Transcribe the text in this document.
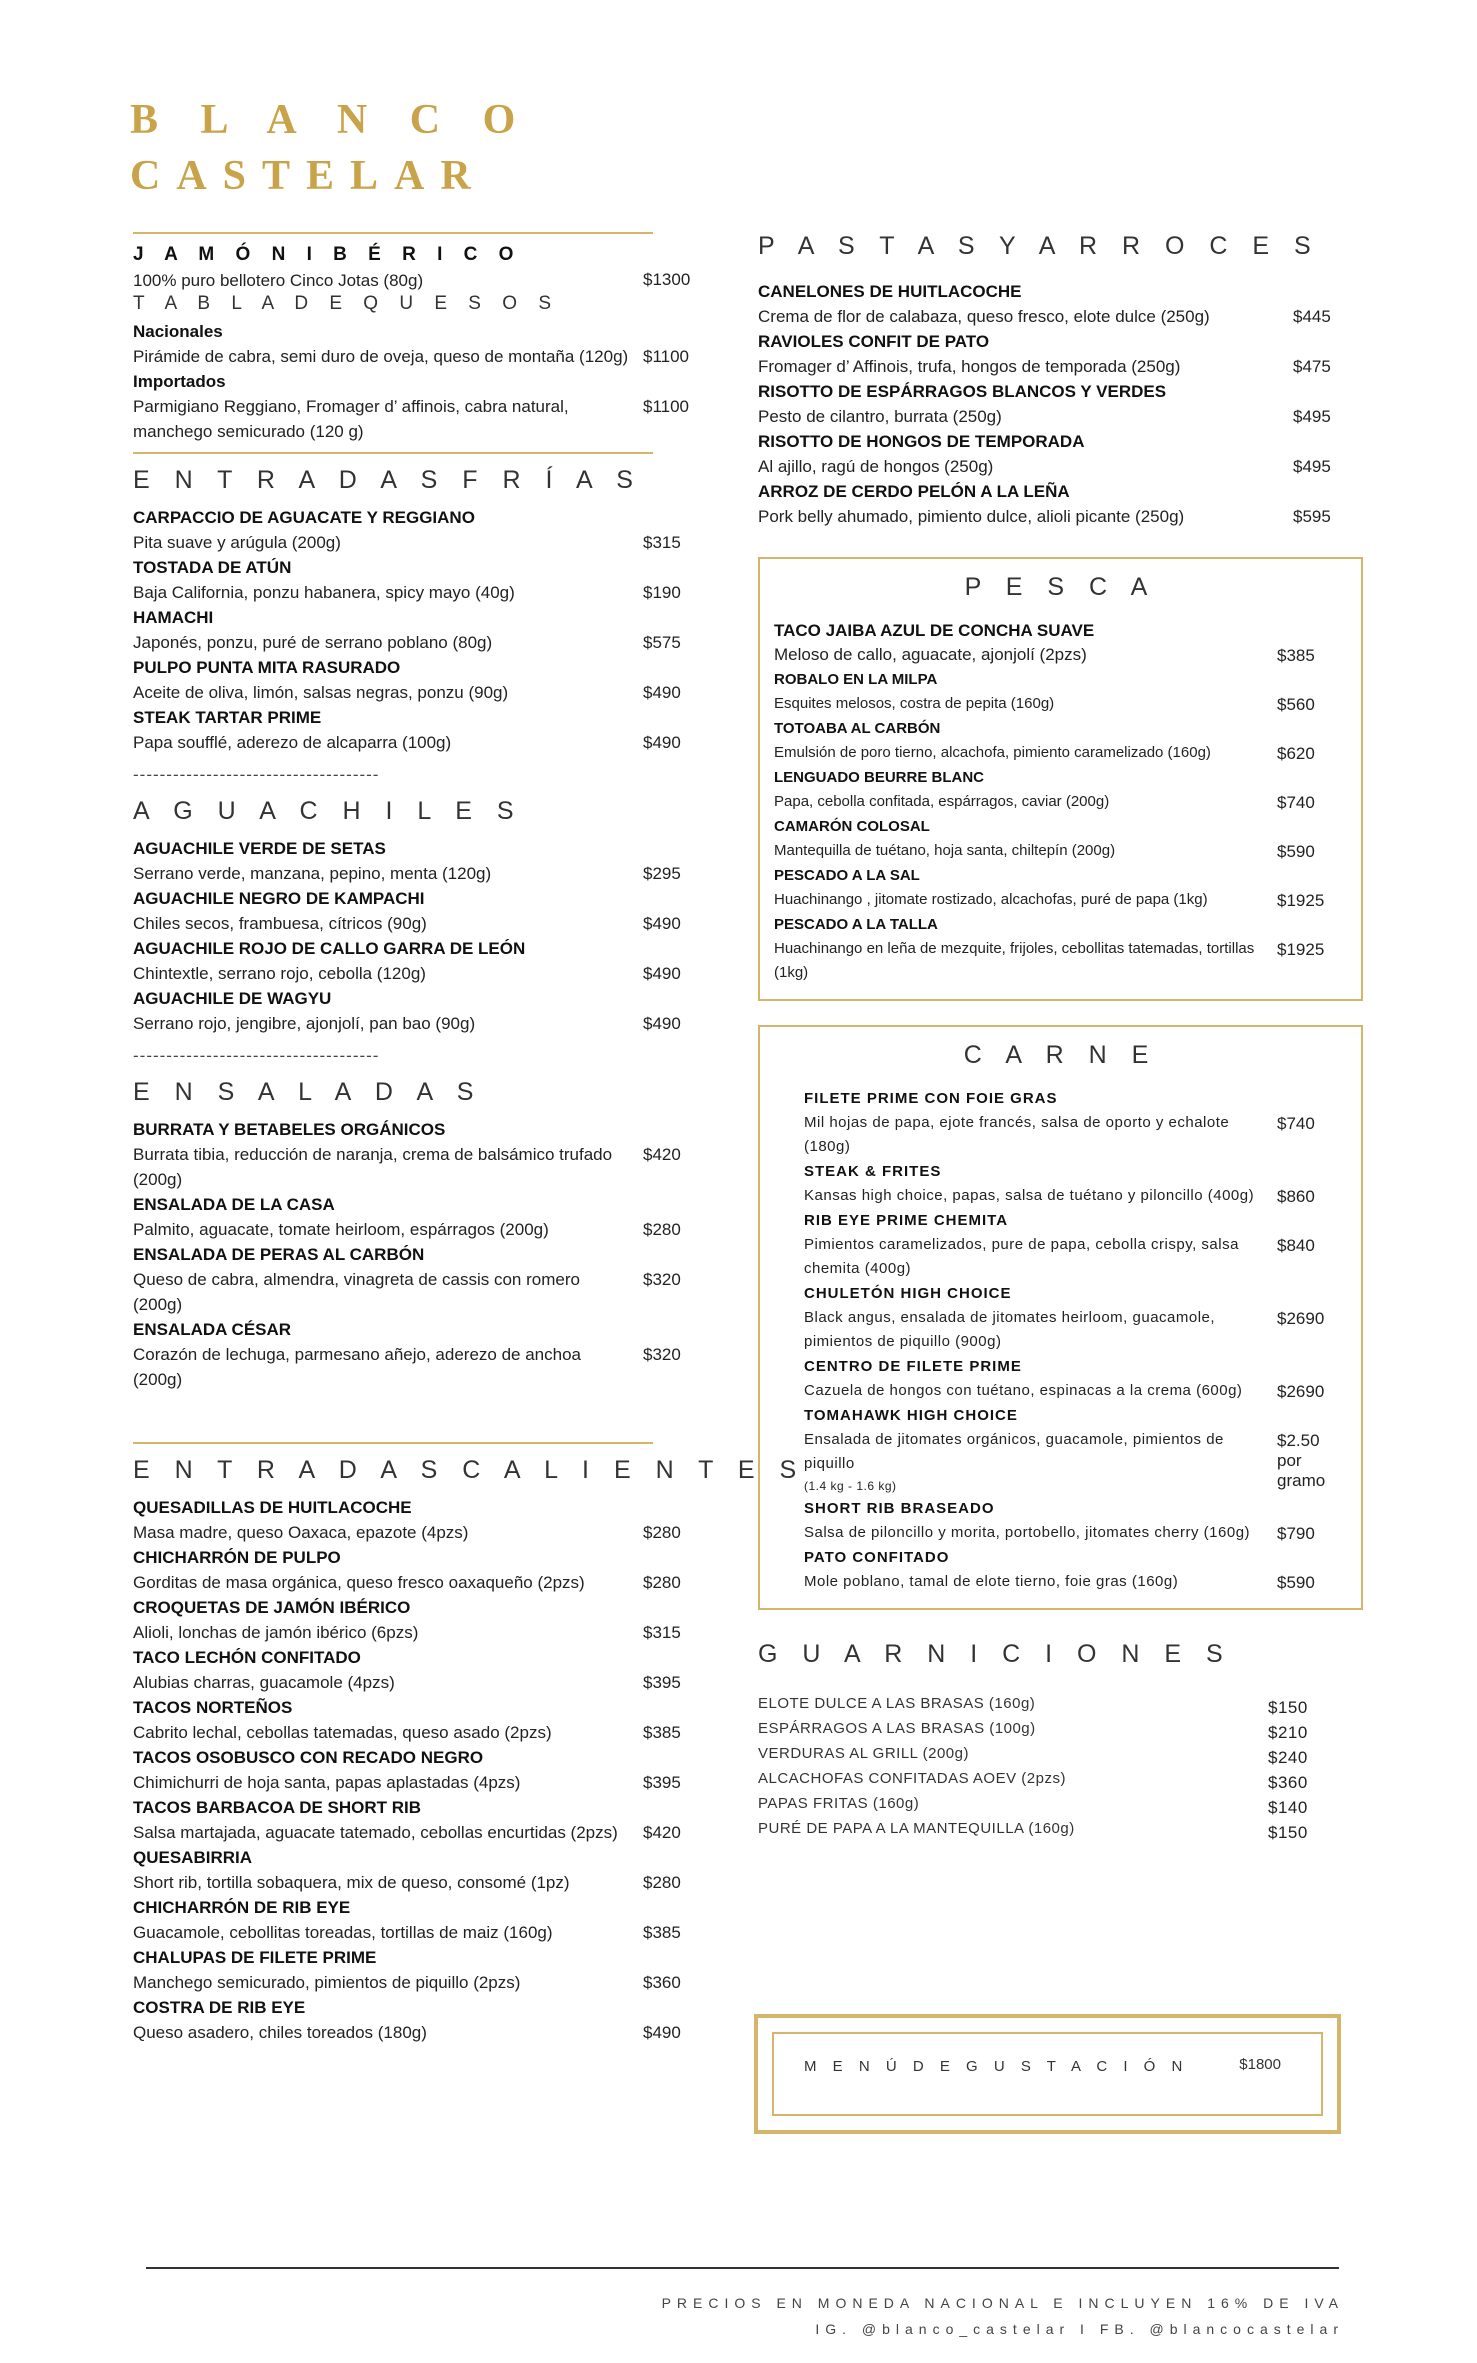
B L A N C O
CASTELAR
J A M Ó N I B É R I C O
100% puro bellotero Cinco Jotas (80g)	$1300
T A B L A D E Q U E S O S
Nacionales
Pirámide de cabra, semi duro de oveja, queso de montaña (120g) $1100
Importados
Parmigiano Reggiano, Fromager d’ affinois, cabra natural, manchego semicurado (120 g)
$1100
E N T R A D A S F R Í A S
CARPACCIO DE AGUACATE Y REGGIANO
Pita suave y arúgula (200g)	$315
TOSTADA DE ATÚN
Baja California, ponzu habanera, spicy mayo (40g)	$190
HAMACHI
Japonés, ponzu, puré de serrano poblano (80g)	$575
PULPO PUNTA MITA RASURADO
Aceite de oliva, limón, salsas negras, ponzu (90g)	$490
STEAK TARTAR PRIME
Papa soufflé, aderezo de alcaparra (100g)	$490
-------------------------------------
A G U A C H I L E S
AGUACHILE VERDE DE SETAS
Serrano verde, manzana, pepino, menta (120g)	$295
AGUACHILE NEGRO DE KAMPACHI
Chiles secos, frambuesa, cítricos (90g)	$490
AGUACHILE ROJO DE CALLO GARRA DE LEÓN
Chintextle, serrano rojo, cebolla (120g)	$490
AGUACHILE DE WAGYU
Serrano rojo, jengibre, ajonjolí, pan bao (90g)	$490
-------------------------------------
E N S A L A D A S
BURRATA Y BETABELES ORGÁNICOS
Burrata tibia, reducción de naranja, crema de balsámico trufado (200g)
$420
ENSALADA DE LA CASA
Palmito, aguacate, tomate heirloom, espárragos (200g)	$280
ENSALADA DE PERAS AL CARBÓN
Queso de cabra, almendra, vinagreta de cassis con romero (200g)
$320
ENSALADA CÉSAR
Corazón de lechuga, parmesano añejo, aderezo de anchoa (200g)
$320
E N T R A D A S C A L I E N T E S
QUESADILLAS DE HUITLACOCHE
Masa madre, queso Oaxaca, epazote (4pzs)	$280
CHICHARRÓN DE PULPO
Gorditas de masa orgánica, queso fresco oaxaqueño (2pzs)	$280
CROQUETAS DE JAMÓN IBÉRICO
Alioli, lonchas de jamón ibérico (6pzs)	$315
TACO LECHÓN CONFITADO
Alubias charras, guacamole (4pzs)	$395
TACOS NORTEÑOS
Cabrito lechal, cebollas tatemadas, queso asado (2pzs)	$385
TACOS OSOBUSCO CON RECADO NEGRO
Chimichurri de hoja santa, papas aplastadas (4pzs)	$395
TACOS BARBACOA DE SHORT RIB
Salsa martajada, aguacate tatemado, cebollas encurtidas (2pzs)	$420
QUESABIRRIA
Short rib, tortilla sobaquera, mix de queso, consomé (1pz)	$280
CHICHARRÓN DE RIB EYE
Guacamole, cebollitas toreadas, tortillas de maiz (160g)	$385
CHALUPAS DE FILETE PRIME
Manchego semicurado, pimientos de piquillo (2pzs)	$360
COSTRA DE RIB EYE
Queso asadero, chiles toreados (180g)	$490
P A S T A S Y A R R O C E S
CANELONES DE HUITLACOCHE
Crema de flor de calabaza, queso fresco, elote dulce (250g)	$445
RAVIOLES CONFIT DE PATO
Fromager d’ Affinois, trufa, hongos de temporada (250g)	$475
RISOTTO DE ESPÁRRAGOS BLANCOS Y VERDES
Pesto de cilantro, burrata (250g)	$495
RISOTTO DE HONGOS DE TEMPORADA
Al ajillo, ragú de hongos (250g)	$495
ARROZ DE CERDO PELÓN A LA LEÑA
Pork belly ahumado, pimiento dulce, alioli picante (250g)	$595
P E S C A
TACO JAIBA AZUL DE CONCHA SUAVE
Meloso de callo, aguacate, ajonjolí (2pzs)	$385
ROBALO EN LA MILPA
Esquites melosos, costra de pepita (160g)	$560
TOTOABA AL CARBÓN
Emulsión de poro tierno, alcachofa, pimiento caramelizado (160g)	$620
LENGUADO BEURRE BLANC
Papa, cebolla confitada, espárragos, caviar (200g)	$740
CAMARÓN COLOSAL
Mantequilla de tuétano, hoja santa, chiltepín (200g)	$590
PESCADO A LA SAL
Huachinango , jitomate rostizado, alcachofas, puré de papa (1kg)	$1925
PESCADO A LA TALLA
Huachinango en leña de mezquite, frijoles, cebollitas tatemadas, tortillas (1kg)
$1925
C A R N E
FILETE PRIME CON FOIE GRAS
Mil hojas de papa, ejote francés, salsa de oporto y echalote (180g)
$740
STEAK & FRITES
Kansas high choice, papas, salsa de tuétano y piloncillo (400g)	$860
RIB EYE PRIME CHEMITA
Pimientos caramelizados, pure de papa, cebolla crispy, salsa chemita (400g)
$840
CHULETÓN HIGH CHOICE
Black angus, ensalada de jitomates heirloom, guacamole, pimientos de piquillo (900g)
$2690
CENTRO DE FILETE PRIME
Cazuela de hongos con tuétano, espinacas a la crema (600g)	$2690
TOMAHAWK HIGH CHOICE
Ensalada de jitomates orgánicos, guacamole, pimientos de piquillo
(1.4 kg - 1.6 kg)
$2.50
por gramo
SHORT RIB BRASEADO
Salsa de piloncillo y morita, portobello, jitomates cherry (160g)	$790
PATO CONFITADO
Mole poblano, tamal de elote tierno, foie gras (160g)	$590
G U A R N I C I O N E S
ELOTE DULCE A LAS BRASAS (160g)	$150
ESPÁRRAGOS A LAS BRASAS (100g)	$210
VERDURAS AL GRILL (200g)	$240
ALCACHOFAS CONFITADAS AOEV (2pzs)	$360
PAPAS FRITAS (160g)	$140
PURÉ DE PAPA A LA MANTEQUILLA (160g)	$150
M E N Ú D E G U S T A C I Ó N	$1800
PRECIOS EN MONEDA NACIONAL E INCLUYEN 16% DE IVA
IG. @blanco_castelar I FB. @blancocastelar
